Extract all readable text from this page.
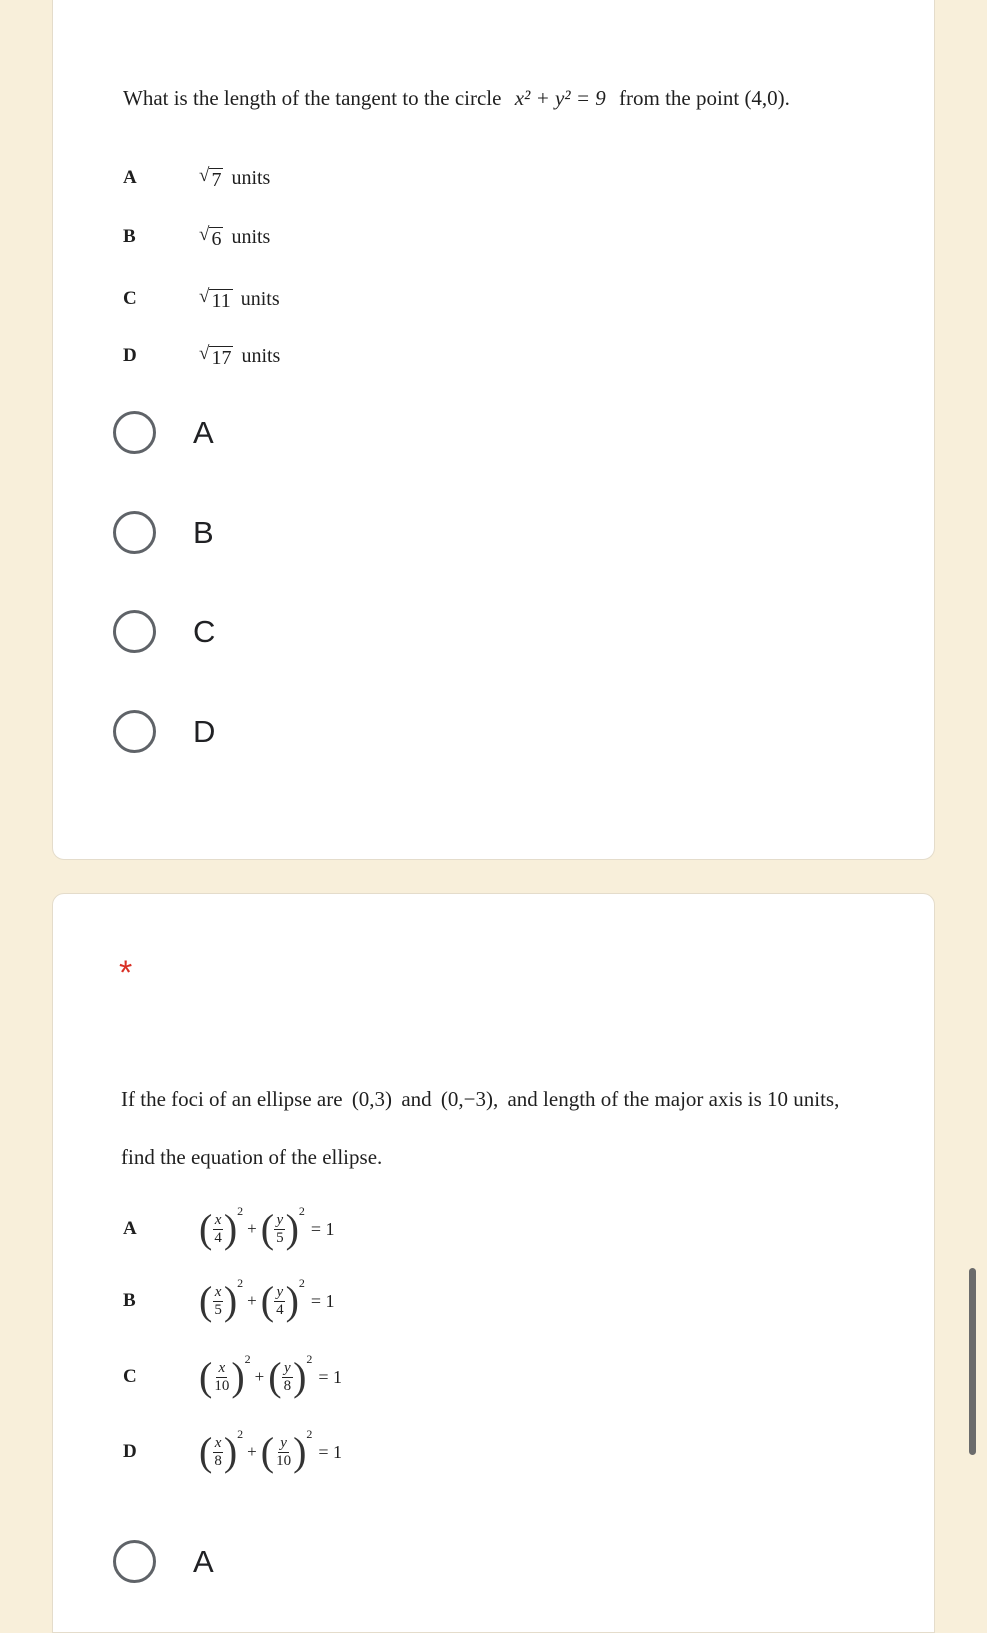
What is the length of the tangent to the circle x² + y² = 9 from the point (4,0).
A	√ 7 units
B	√ 6 units
C	√ 11 units
D	√ 17 units
A
B
C
D
*
If the foci of an ellipse are (0,3) and (0,−3), and length of the major axis is 10 units,
find the equation of the ellipse.
A	( $\frac{x}{4}$ ) 2
+ ( $\frac{y}{5}$ ) 2
= 1
B	( $\frac{x}{5}$ ) 2
+ ( $\frac{y}{4}$ ) 2
= 1
C	( $\frac{x}{10}$ ) 2
+ ( $\frac{y}{8}$ ) 2
= 1
D	( $\frac{x}{8}$ ) 2
+ ( $\frac{y}{10}$ ) 2
= 1
A
